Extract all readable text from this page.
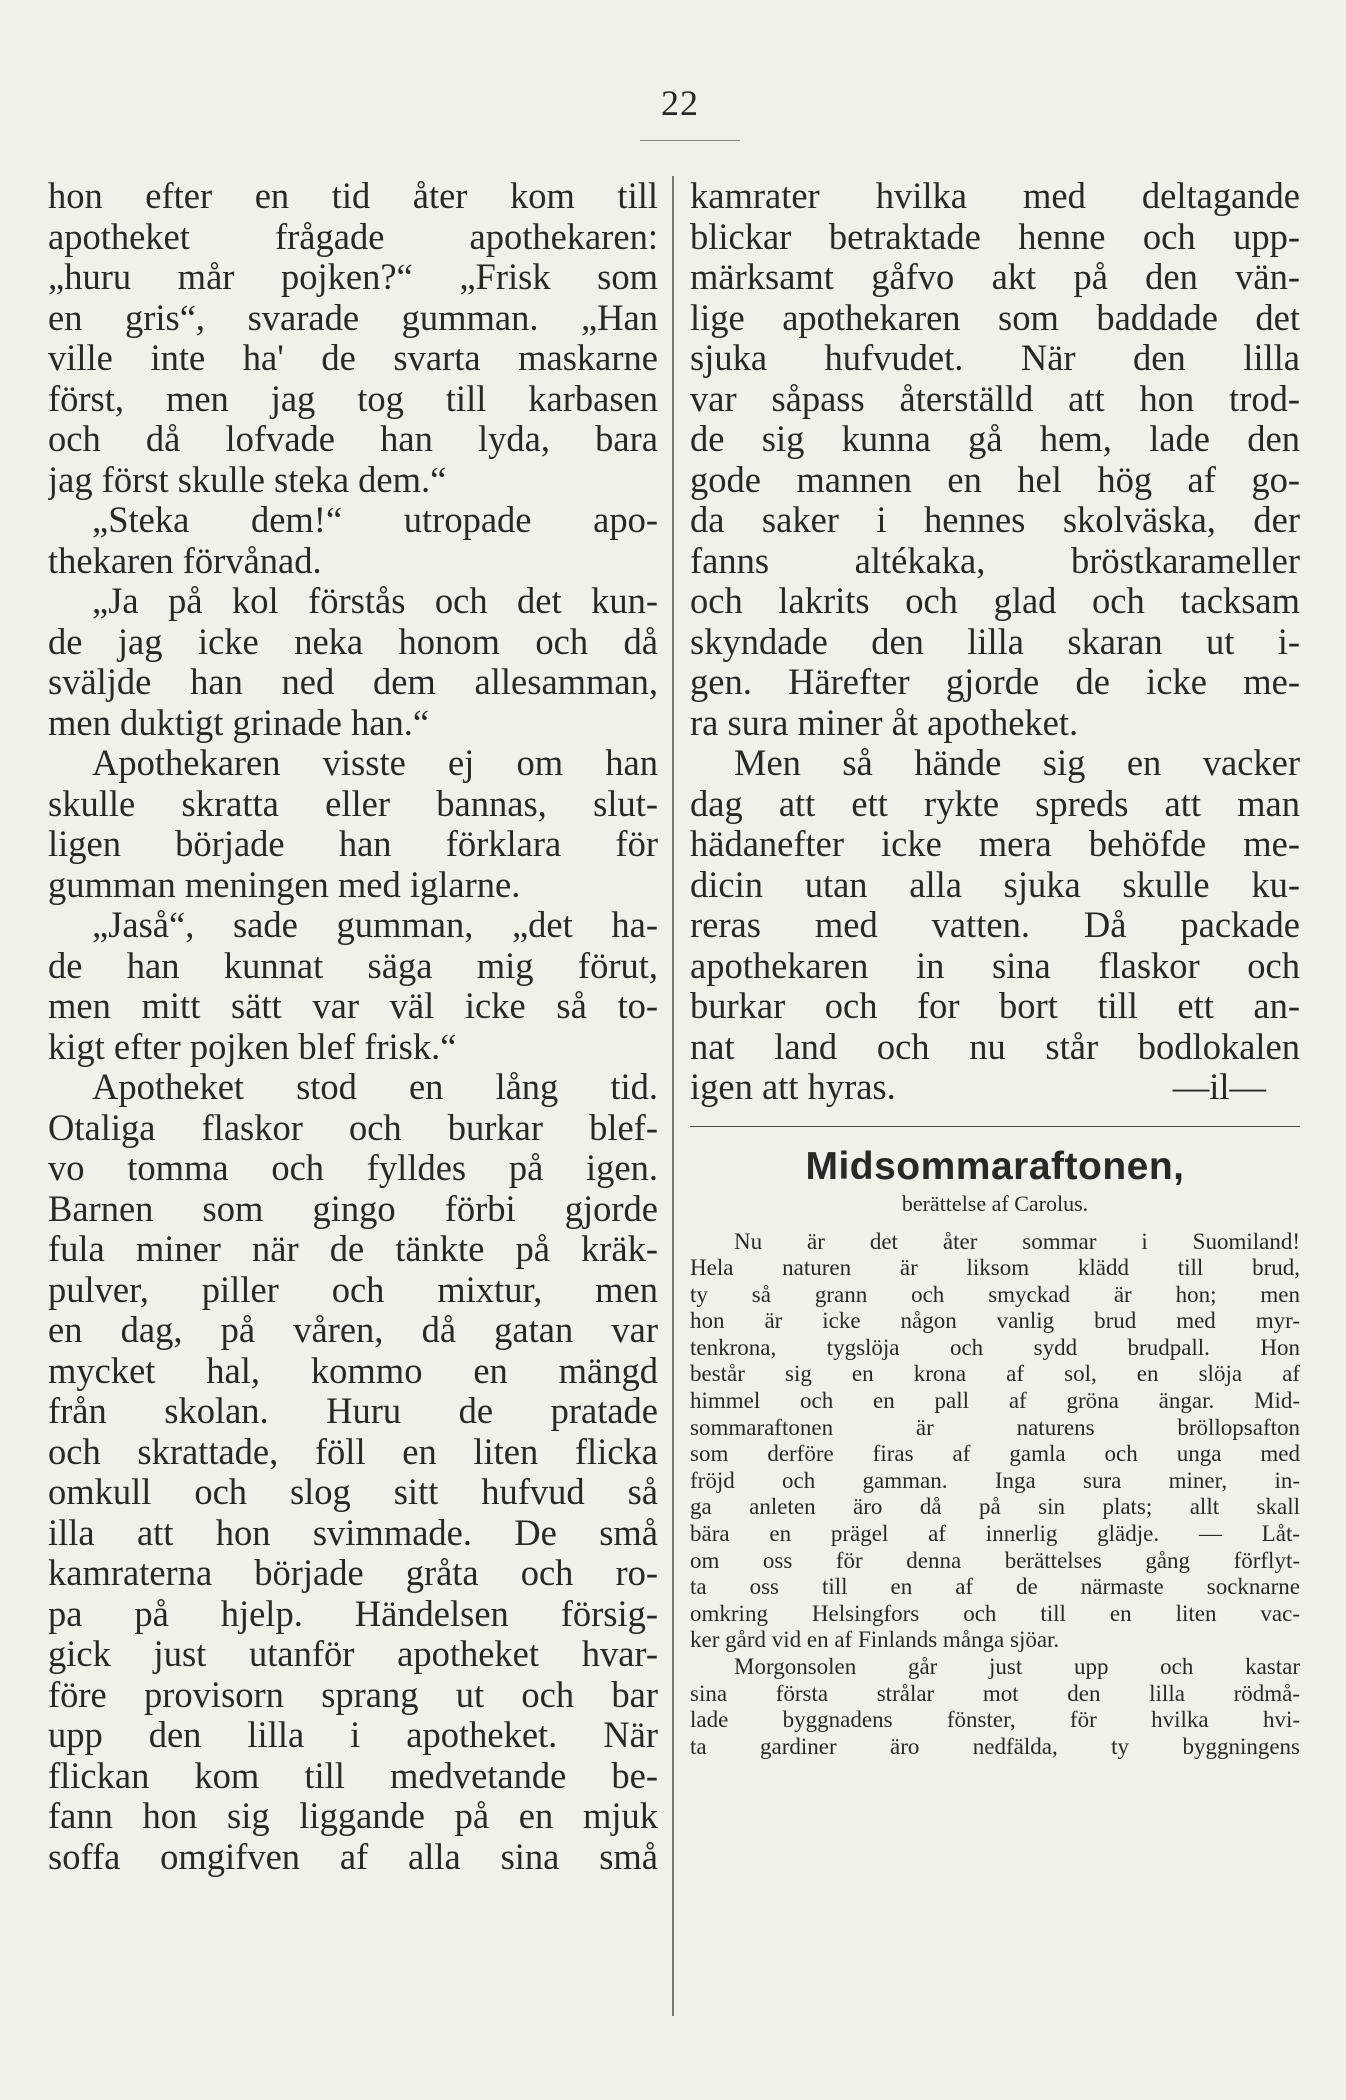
22
hon efter en tid åter kom till
apotheket frågade apothekaren:
„huru mår pojken?“ „Frisk som
en gris“, svarade gumman. „Han
ville inte ha' de svarta maskarne
först, men jag tog till karbasen
och då lofvade han lyda, bara
jag först skulle steka dem.“
„Steka dem!“ utropade apo-
thekaren förvånad.
„Ja på kol förstås och det kun-
de jag icke neka honom och då
sväljde han ned dem allesamman,
men duktigt grinade han.“
Apothekaren visste ej om han
skulle skratta eller bannas, slut-
ligen började han förklara för
gumman meningen med iglarne.
„Jaså“, sade gumman, „det ha-
de han kunnat säga mig förut,
men mitt sätt var väl icke så to-
kigt efter pojken blef frisk.“
Apotheket stod en lång tid.
Otaliga flaskor och burkar blef-
vo tomma och fylldes på igen.
Barnen som gingo förbi gjorde
fula miner när de tänkte på kräk-
pulver, piller och mixtur, men
en dag, på våren, då gatan var
mycket hal, kommo en mängd
från skolan. Huru de pratade
och skrattade, föll en liten flicka
omkull och slog sitt hufvud så
illa att hon svimmade. De små
kamraterna började gråta och ro-
pa på hjelp. Händelsen försig-
gick just utanför apotheket hvar-
före provisorn sprang ut och bar
upp den lilla i apotheket. När
flickan kom till medvetande be-
fann hon sig liggande på en mjuk
soffa omgifven af alla sina små
kamrater hvilka med deltagande
blickar betraktade henne och upp-
märksamt gåfvo akt på den vän-
lige apothekaren som baddade det
sjuka hufvudet. När den lilla
var såpass återställd att hon trod-
de sig kunna gå hem, lade den
gode mannen en hel hög af go-
da saker i hennes skolväska, der
fanns altékaka, bröstkarameller
och lakrits och glad och tacksam
skyndade den lilla skaran ut i-
gen. Härefter gjorde de icke me-
ra sura miner åt apotheket.
Men så hände sig en vacker
dag att ett rykte spreds att man
hädanefter icke mera behöfde me-
dicin utan alla sjuka skulle ku-
reras med vatten. Då packade
apothekaren in sina flaskor och
burkar och for bort till ett an-
nat land och nu står bodlokalen
igen att hyras.	—il—
Midsommaraftonen,
berättelse af Carolus.
Nu är det åter sommar i Suomiland!
Hela naturen är liksom klädd till brud,
ty så grann och smyckad är hon; men
hon är icke någon vanlig brud med myr-
tenkrona, tygslöja och sydd brudpall. Hon
består sig en krona af sol, en slöja af
himmel och en pall af gröna ängar. Mid-
sommaraftonen är naturens bröllopsafton
som derföre firas af gamla och unga med
fröjd och gamman. Inga sura miner, in-
ga anleten äro då på sin plats; allt skall
bära en prägel af innerlig glädje. — Låt-
om oss för denna berättelses gång förflyt-
ta oss till en af de närmaste socknarne
omkring Helsingfors och till en liten vac-
ker gård vid en af Finlands många sjöar.
Morgonsolen går just upp och kastar
sina första strålar mot den lilla rödmå-
lade byggnadens fönster, för hvilka hvi-
ta gardiner äro nedfälda, ty byggningens
